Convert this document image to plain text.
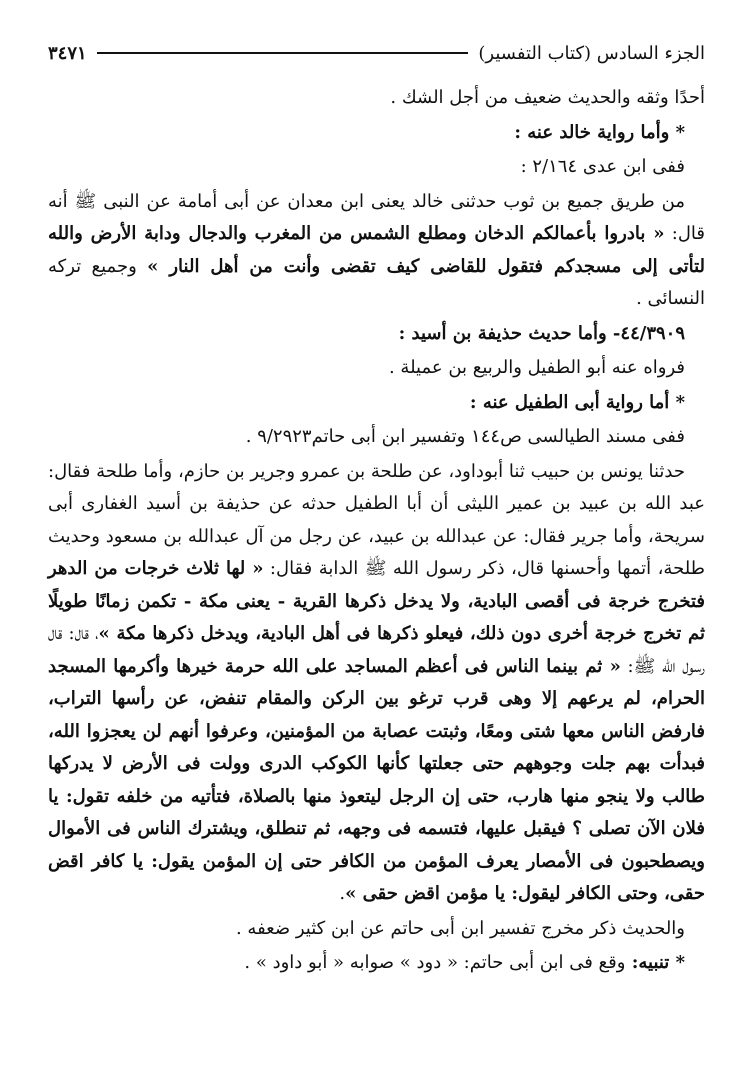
الجزء السادس (كتاب التفسير)
٣٤٧١

أحدًا وثقه والحديث ضعيف من أجل الشك .

* وأما رواية خالد عنه :

ففى ابن عدى ٢/١٦٤ :

من طريق جميع بن ثوب حدثنى خالد يعنى ابن معدان عن أبى أمامة عن النبى ﷺ أنه قال: « بادروا بأعمالكم الدخان ومطلع الشمس من المغرب والدجال ودابة الأرض والله لتأتى إلى مسجدكم فتقول للقاضى كيف تقضى وأنت من أهل النار » وجميع تركه النسائى .

٤٤/٣٩٠٩- وأما حديث حذيفة بن أسيد :

فرواه عنه أبو الطفيل والربيع بن عميلة .

* أما رواية أبى الطفيل عنه :

ففى مسند الطيالسى ص١٤٤ وتفسير ابن أبى حاتم٩/٢٩٢٣ .

حدثنا يونس بن حبيب ثنا أبوداود، عن طلحة بن عمرو وجرير بن حازم، وأما طلحة فقال: عبد الله بن عبيد بن عمير الليثى أن أبا الطفيل حدثه عن حذيفة بن أسيد الغفارى أبى سريحة، وأما جرير فقال: عن عبدالله بن عبيد، عن رجل من آل عبدالله بن مسعود وحديث طلحة، أتمها وأحسنها قال، ذكر رسول الله ﷺ الدابة فقال: « لها ثلاث خرجات من الدهر فتخرج خرجة فى أقصى البادية، ولا يدخل ذكرها القرية - يعنى مكة - تكمن زمانًا طويلًا ثم تخرج خرجة أخرى دون ذلك، فيعلو ذكرها فى أهل البادية، ويدخل ذكرها مكة »، قال: قال رسول الله ﷺ: « ثم بينما الناس فى أعظم المساجد على الله حرمة خيرها وأكرمها المسجد الحرام، لم يرعهم إلا وهى قرب ترغو بين الركن والمقام تنفض، عن رأسها التراب، فارفض الناس معها شتى ومعًا، وثبتت عصابة من المؤمنين، وعرفوا أنهم لن يعجزوا الله، فبدأت بهم جلت وجوههم حتى جعلتها كأنها الكوكب الدرى وولت فى الأرض لا يدركها طالب ولا ينجو منها هارب، حتى إن الرجل ليتعوذ منها بالصلاة، فتأتيه من خلفه تقول: يا فلان الآن تصلى ؟ فيقبل عليها، فتسمه فى وجهه، ثم تنطلق، ويشترك الناس فى الأموال ويصطحبون فى الأمصار يعرف المؤمن من الكافر حتى إن المؤمن يقول: يا كافر اقض حقى، وحتى الكافر ليقول: يا مؤمن اقض حقى ».

والحديث ذكر مخرج تفسير ابن أبى حاتم عن ابن كثير ضعفه .

* تنبيه: وقع فى ابن أبى حاتم: « دود » صوابه « أبو داود » .
